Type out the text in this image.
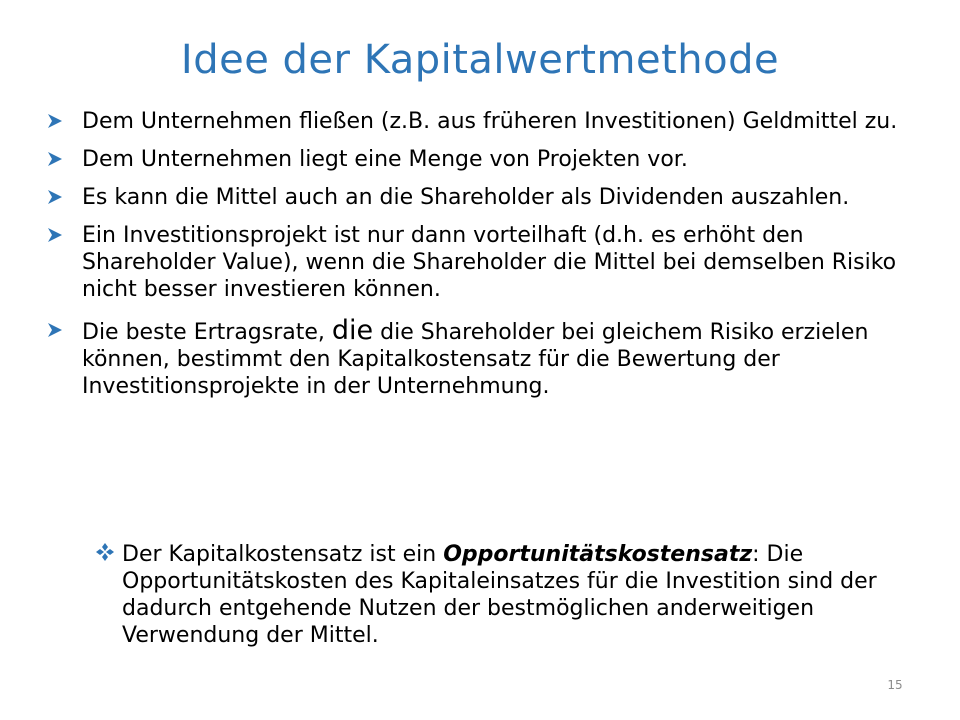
Idee der Kapitalwertmethode
Dem Unternehmen fließen (z.B. aus früheren Investitionen) Geldmittel zu.
Dem Unternehmen liegt eine Menge von Projekten vor.
Es kann die Mittel auch an die Shareholder als Dividenden auszahlen.
Ein Investitionsprojekt ist nur dann vorteilhaft (d.h. es erhöht den Shareholder Value), wenn die Shareholder die Mittel bei demselben Risiko nicht besser investieren können.
Die beste Ertragsrate, die die Shareholder bei gleichem Risiko erzielen können, bestimmt den Kapitalkostensatz für die Bewertung der Investitionsprojekte in der Unternehmung.
Der Kapitalkostensatz ist ein Opportunitätskostensatz: Die Opportunitätskosten des Kapitaleinsatzes für die Investition sind der dadurch entgehende Nutzen der bestmöglichen anderweitigen Verwendung der Mittel.
15
